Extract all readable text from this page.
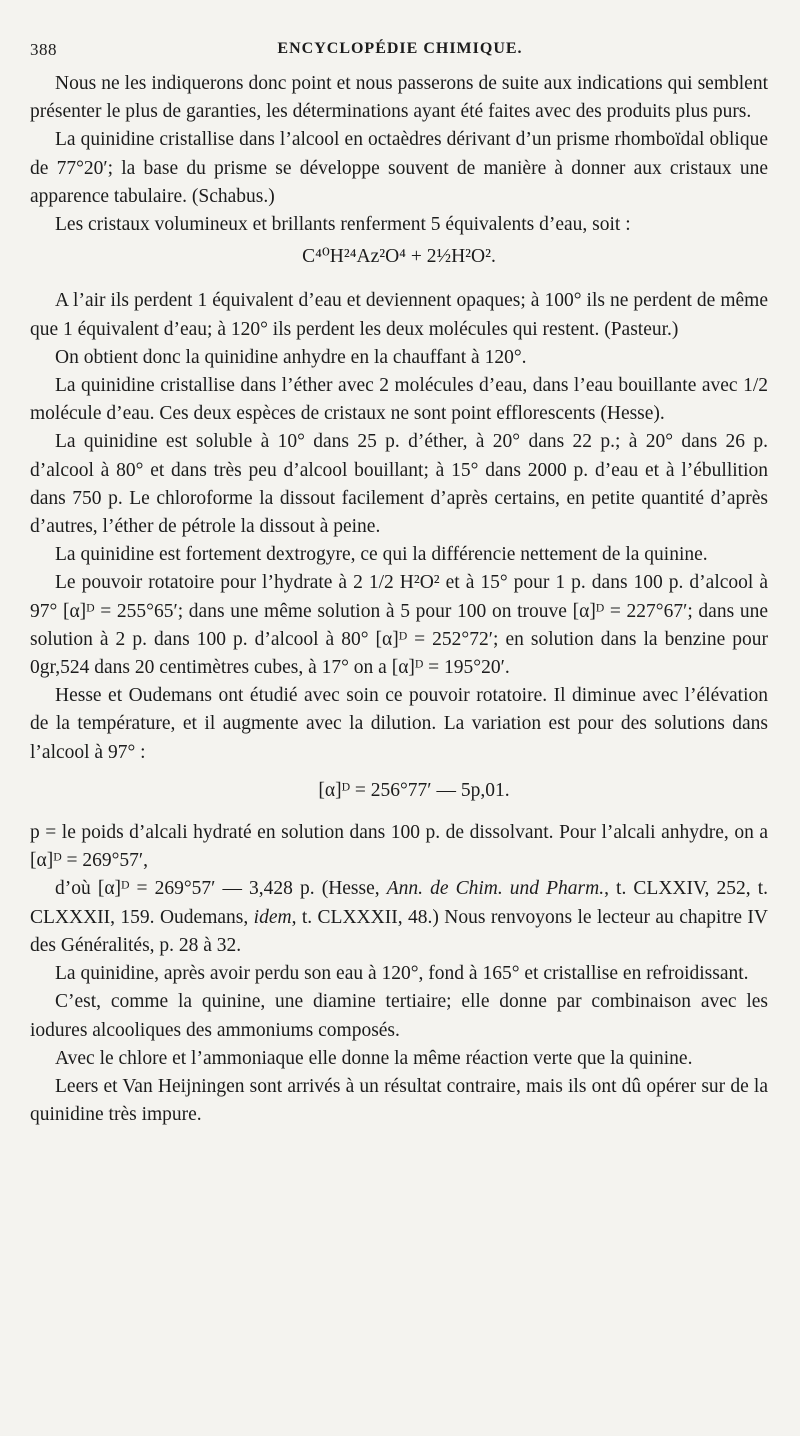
388	ENCYCLOPÉDIE CHIMIQUE.

Nous ne les indiquerons donc point et nous passerons de suite aux indications qui semblent présenter le plus de garanties, les déterminations ayant été faites avec des produits plus purs.

La quinidine cristallise dans l’alcool en octaèdres dérivant d’un prisme rhomboïdal oblique de 77°20′; la base du prisme se développe souvent de manière à donner aux cristaux une apparence tabulaire. (Schabus.)

Les cristaux volumineux et brillants renferment 5 équivalents d’eau, soit :

C⁴⁰H²⁴Az²O⁴ + 2½H²O².

A l’air ils perdent 1 équivalent d’eau et deviennent opaques; à 100° ils ne perdent de même que 1 équivalent d’eau; à 120° ils perdent les deux molécules qui restent. (Pasteur.)

On obtient donc la quinidine anhydre en la chauffant à 120°.

La quinidine cristallise dans l’éther avec 2 molécules d’eau, dans l’eau bouillante avec 1/2 molécule d’eau. Ces deux espèces de cristaux ne sont point efflorescents (Hesse).

La quinidine est soluble à 10° dans 25 p. d’éther, à 20° dans 22 p.; à 20° dans 26 p. d’alcool à 80° et dans très peu d’alcool bouillant; à 15° dans 2000 p. d’eau et à l’ébullition dans 750 p. Le chloroforme la dissout facilement d’après certains, en petite quantité d’après d’autres, l’éther de pétrole la dissout à peine.

La quinidine est fortement dextrogyre, ce qui la différencie nettement de la quinine.

Le pouvoir rotatoire pour l’hydrate à 2 1/2 H²O² et à 15° pour 1 p. dans 100 p. d’alcool à 97° [α]ᴰ = 255°65′; dans une même solution à 5 pour 100 on trouve [α]ᴰ = 227°67′; dans une solution à 2 p. dans 100 p. d’alcool à 80° [α]ᴰ = 252°72′; en solution dans la benzine pour 0gr,524 dans 20 centimètres cubes, à 17° on a [α]ᴰ = 195°20′.

Hesse et Oudemans ont étudié avec soin ce pouvoir rotatoire. Il diminue avec l’élévation de la température, et il augmente avec la dilution. La variation est pour des solutions dans l’alcool à 97° :

[α]ᴰ = 256°77′ — 5p,01.

p = le poids d’alcali hydraté en solution dans 100 p. de dissolvant. Pour l’alcali anhydre, on a [α]ᴰ = 269°57′,

d’où [α]ᴰ = 269°57′ — 3,428 p. (Hesse, Ann. de Chim. und Pharm., t. CLXXIV, 252, t. CLXXXII, 159. Oudemans, idem, t. CLXXXII, 48.) Nous renvoyons le lecteur au chapitre IV des Généralités, p. 28 à 32.

La quinidine, après avoir perdu son eau à 120°, fond à 165° et cristallise en refroidissant.

C’est, comme la quinine, une diamine tertiaire; elle donne par combinaison avec les iodures alcooliques des ammoniums composés.

Avec le chlore et l’ammoniaque elle donne la même réaction verte que la quinine.

Leers et Van Heijningen sont arrivés à un résultat contraire, mais ils ont dû opérer sur de la quinidine très impure.
